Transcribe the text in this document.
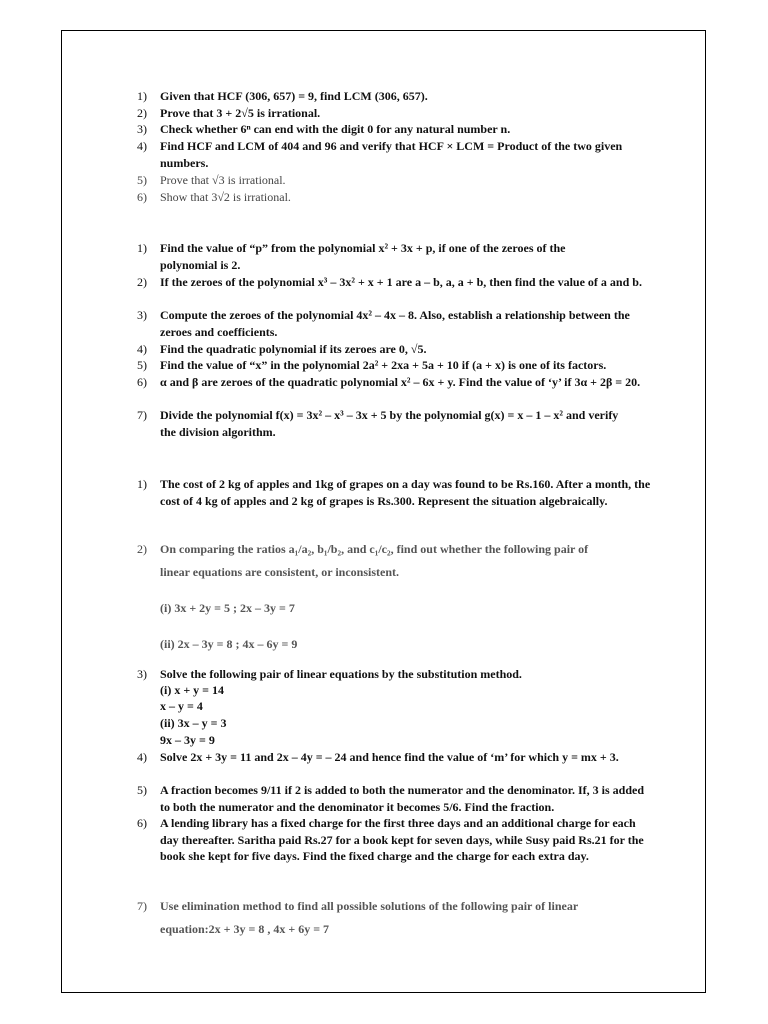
1)	Given that HCF (306, 657) = 9, find LCM (306, 657).
2)	Prove that 3 + 2√5 is irrational.
3)	Check whether 6ⁿ can end with the digit 0 for any natural number n.
4)	Find HCF and LCM of 404 and 96 and verify that HCF × LCM = Product of the two given numbers.
5)	Prove that √3 is irrational.
6)	Show that 3√2 is irrational.
1)	Find the value of “p” from the polynomial x² + 3x + p, if one of the zeroes of the polynomial is 2.
2)	If the zeroes of the polynomial x³ – 3x² + x + 1 are a – b, a, a + b, then find the value of a and b.
3)	Compute the zeroes of the polynomial 4x² – 4x – 8. Also, establish a relationship between the zeroes and coefficients.
4)	Find the quadratic polynomial if its zeroes are 0, √5.
5)	Find the value of “x” in the polynomial 2a² + 2xa + 5a + 10 if (a + x) is one of its factors.
6)	α and β are zeroes of the quadratic polynomial x² – 6x + y. Find the value of ‘y’ if 3α + 2β = 20.
7)	Divide the polynomial f(x) = 3x² – x³ – 3x + 5 by the polynomial g(x) = x – 1 – x² and verify the division algorithm.
1)	The cost of 2 kg of apples and 1kg of grapes on a day was found to be Rs.160. After a month, the cost of 4 kg of apples and 2 kg of grapes is Rs.300. Represent the situation algebraically.
2)	On comparing the ratios a₁/a₂, b₁/b₂, and c₁/c₂, find out whether the following pair of
linear equations are consistent, or inconsistent.
(i) 3x + 2y = 5 ; 2x – 3y = 7
(ii) 2x – 3y = 8 ; 4x – 6y = 9
3)	Solve the following pair of linear equations by the substitution method.
(i) x + y = 14
x – y = 4
(ii) 3x – y = 3
9x – 3y = 9
4)	Solve 2x + 3y = 11 and 2x – 4y = – 24 and hence find the value of ‘m’ for which y = mx + 3.
5)	A fraction becomes 9/11 if 2 is added to both the numerator and the denominator. If, 3 is added to both the numerator and the denominator it becomes 5/6. Find the fraction.
6)	A lending library has a fixed charge for the first three days and an additional charge for each day thereafter. Saritha paid Rs.27 for a book kept for seven days, while Susy paid Rs.21 for the book she kept for five days. Find the fixed charge and the charge for each extra day.
7)	Use elimination method to find all possible solutions of the following pair of linear
equation:2x + 3y = 8 , 4x + 6y = 7
